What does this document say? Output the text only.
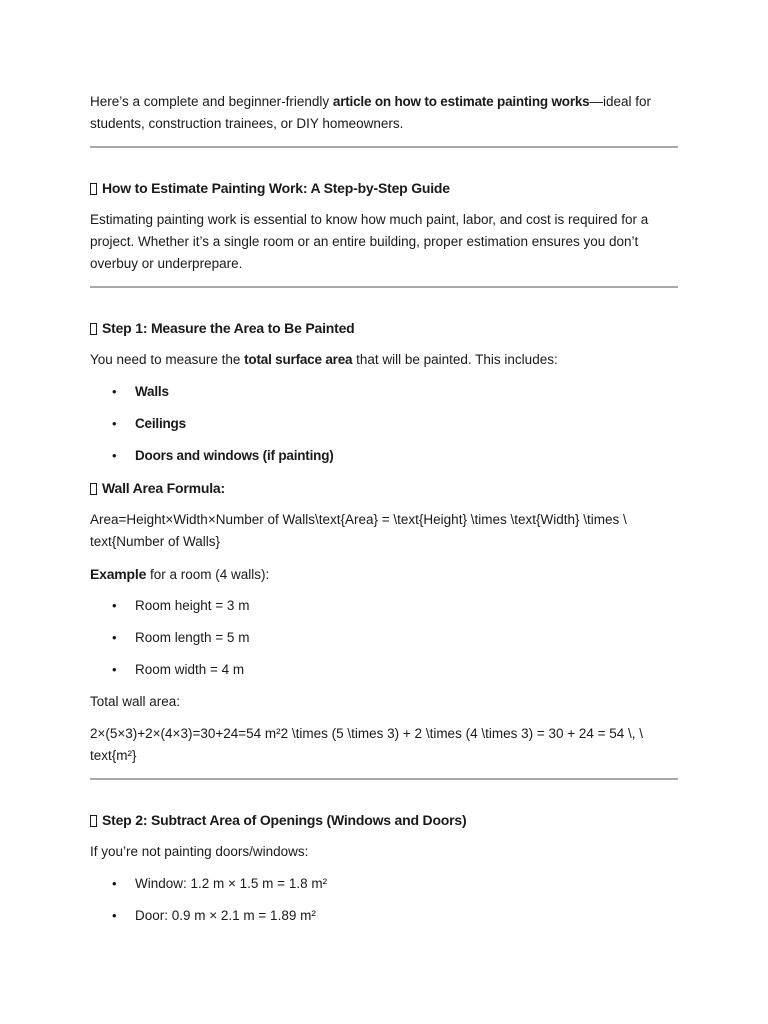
Here’s a complete and beginner-friendly article on how to estimate painting works—ideal for

students, construction trainees, or DIY homeowners.

How to Estimate Painting Work: A Step-by-Step Guide

Estimating painting work is essential to know how much paint, labor, and cost is required for a

project. Whether it’s a single room or an entire building, proper estimation ensures you don’t

overbuy or underprepare.

Step 1: Measure the Area to Be Painted

You need to measure the total surface area that will be painted. This includes:

• Walls
• Ceilings
• Doors and windows (if painting)

Wall Area Formula:

Area=Height×Width×Number of Walls\text{Area} = \text{Height} \times \text{Width} \times \

text{Number of Walls}

Example for a room (4 walls):

• Room height = 3 m
• Room length = 5 m
• Room width = 4 m

Total wall area:

2×(5×3)+2×(4×3)=30+24=54 m²2 \times (5 \times 3) + 2 \times (4 \times 3) = 30 + 24 = 54 \, \

text{m²}

Step 2: Subtract Area of Openings (Windows and Doors)

If you’re not painting doors/windows:

• Window: 1.2 m × 1.5 m = 1.8 m²
• Door: 0.9 m × 2.1 m = 1.89 m²
